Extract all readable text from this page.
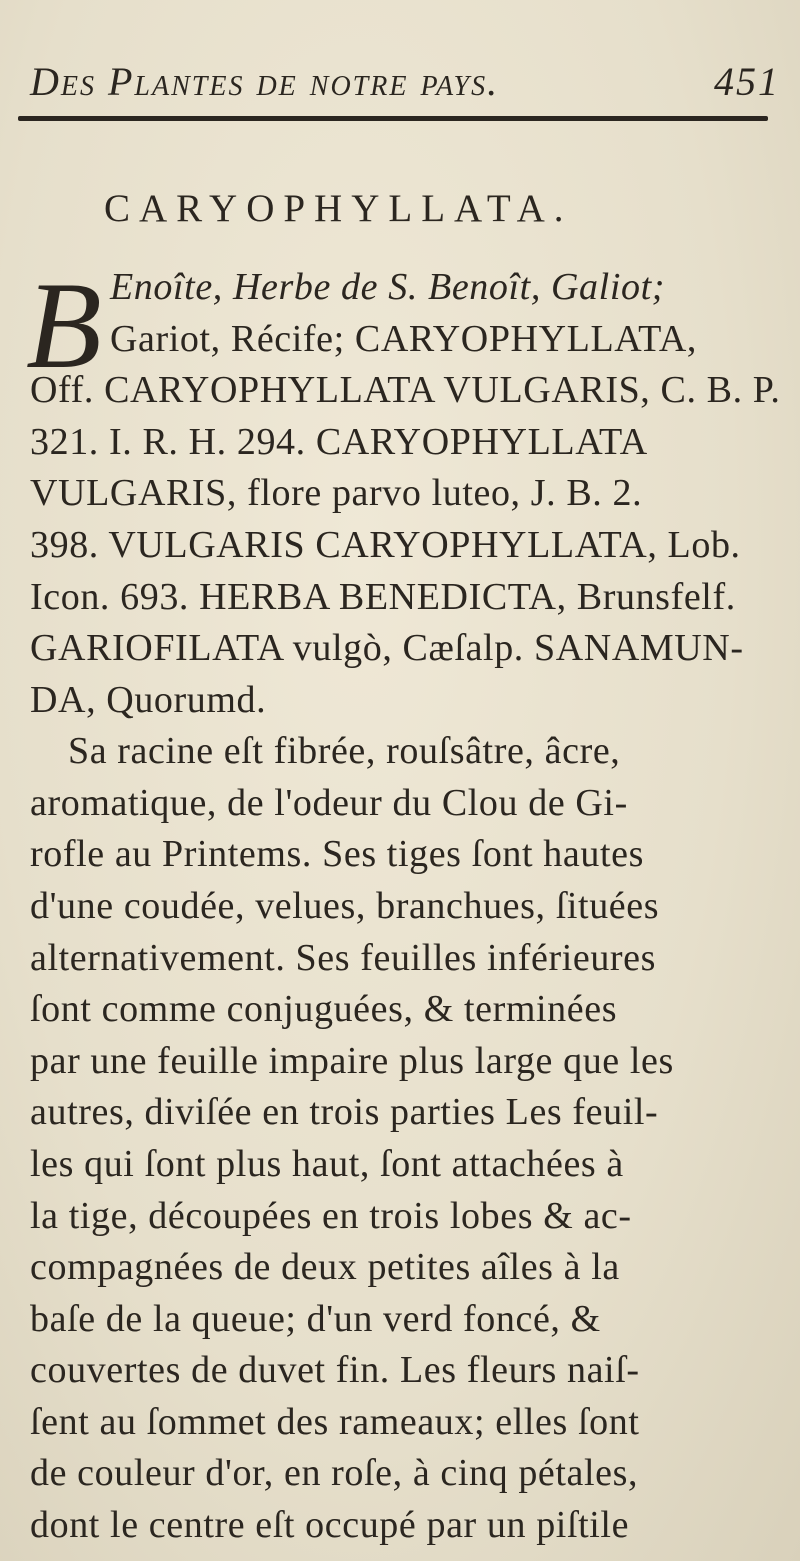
Des Plantes de notre pays.	451
CARYOPHYLLATA.
B Enoîte, Herbe de S. Benoît, Galiot;
Gariot, Récife; CARYOPHYLLATA,
Off. CARYOPHYLLATA VULGARIS, C. B. P.
321. I. R. H. 294. CARYOPHYLLATA
VULGARIS, flore parvo luteo, J. B. 2.
398. VULGARIS CARYOPHYLLATA, Lob.
Icon. 693. HERBA BENEDICTA, Brunsfelf.
GARIOFILATA vulgò, Cæſalp. SANAMUN-
DA, Quorumd.
Sa racine eſt fibrée, rouſsâtre, âcre,
aromatique, de l'odeur du Clou de Gi-
rofle au Printems. Ses tiges ſont hautes
d'une coudée, velues, branchues, ſituées
alternativement. Ses feuilles inférieures
ſont comme conjuguées, & terminées
par une feuille impaire plus large que les
autres, diviſée en trois parties Les feuil-
les qui ſont plus haut, ſont attachées à
la tige, découpées en trois lobes & ac-
compagnées de deux petites aîles à la
baſe de la queue; d'un verd foncé, &
couvertes de duvet fin. Les fleurs naiſ-
ſent au ſommet des rameaux; elles ſont
de couleur d'or, en roſe, à cinq pétales,
dont le centre eſt occupé par un piſtile
